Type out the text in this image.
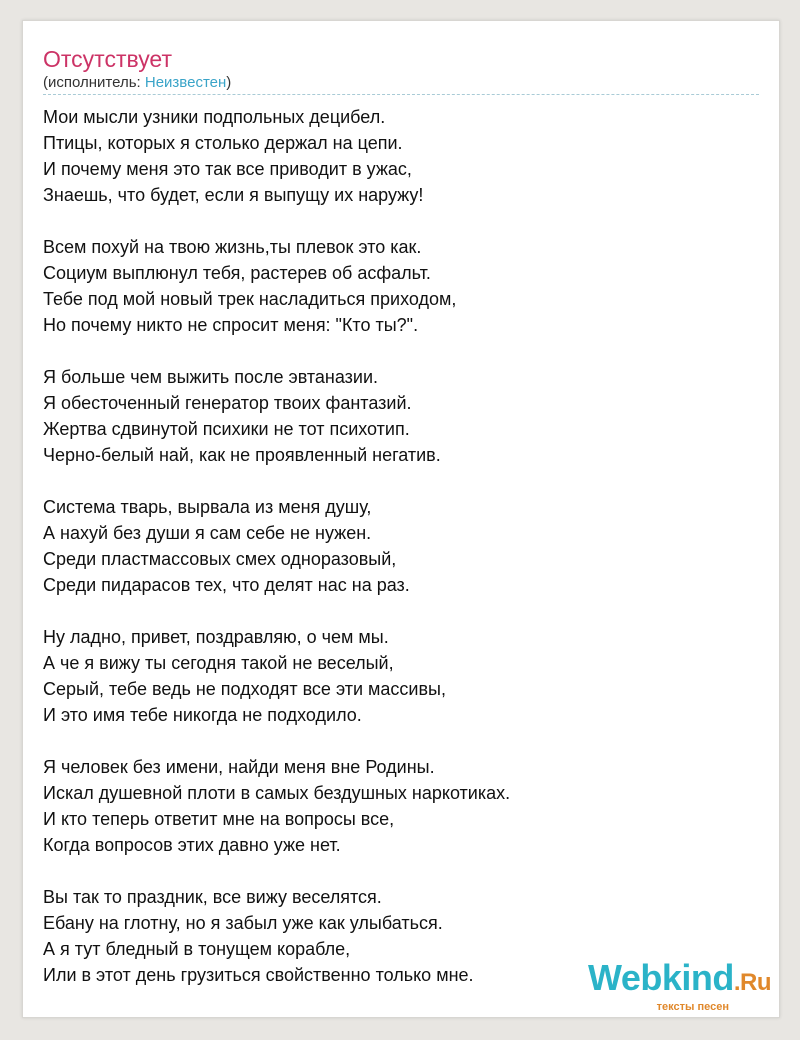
Отсутствует
(исполнитель: Неизвестен)
Мои мысли узники подпольных децибел.
Птицы, которых я столько держал на цепи.
И почему меня это так все приводит в ужас,
Знаешь, что будет, если я выпущу их наружу!
Всем похуй на твою жизнь,ты плевок это как.
Социум выплюнул тебя, растерев об асфальт.
Тебе под мой новый трек насладиться приходом,
Но почему никто не спросит меня: "Кто ты?".
Я больше чем выжить после эвтаназии.
Я обесточенный генератор твоих фантазий.
Жертва сдвинутой психики не тот психотип.
Черно-белый най, как не проявленный негатив.
Система тварь, вырвала из меня душу,
А нахуй без души я сам себе не нужен.
Среди пластмассовых смех одноразовый,
Среди пидарасов тех, что делят нас на раз.
Ну ладно, привет, поздравляю, о чем мы.
А че я вижу ты сегодня такой не веселый,
Серый, тебе ведь не подходят все эти массивы,
И это имя тебе никогда не подходило.
Я человек без имени, найди меня вне Родины.
Искал душевной плоти в самых бездушных наркотиках.
И кто теперь ответит мне на вопросы все,
Когда вопросов этих давно уже нет.
Вы так то праздник, все вижу веселятся.
Ебану на глотну, но я забыл уже как улыбаться.
А я тут бледный в тонущем корабле,
Или в этот день грузиться свойственно только мне.	Webkind.Ru
тексты песен
